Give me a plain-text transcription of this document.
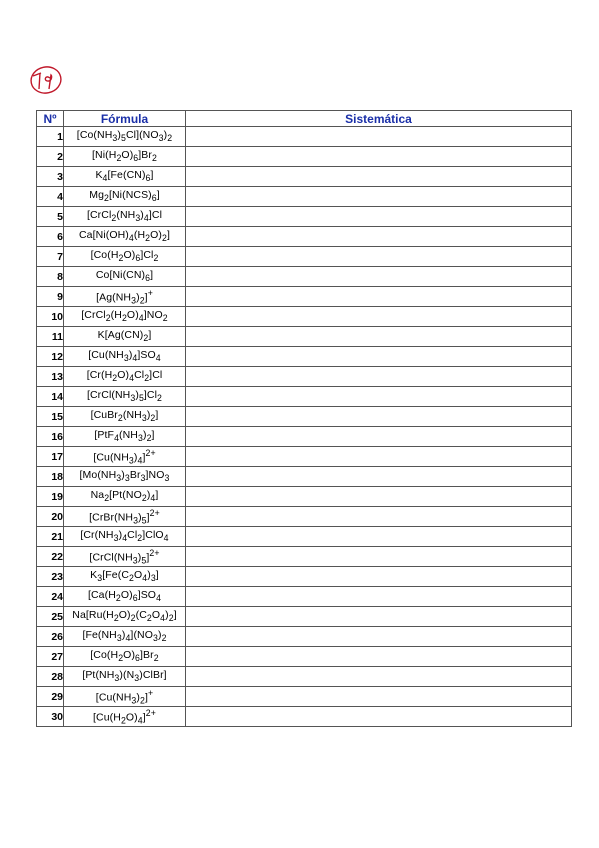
Nº	Fórmula	Sistemática
1	$[Co(NH_3)_5Cl](NO_3)_2$	
2	$[Ni(H_2O)_6]Br_2$	
3	$K_4[Fe(CN)_6]$	
4	$Mg_2[Ni(NCS)_6]$	
5	$[CrCl_2(NH_3)_4]Cl$	
6	$Ca[Ni(OH)_4(H_2O)_2]$	
7	$[Co(H_2O)_6]Cl_2$	
8	$Co[Ni(CN)_6]$	
9	$[Ag(NH_3)_2]^+$	
10	$[CrCl_2(H_2O)_4]NO_2$	
11	$K[Ag(CN)_2]$	
12	$[Cu(NH_3)_4]SO_4$	
13	$[Cr(H_2O)_4Cl_2]Cl$	
14	$[CrCl(NH_3)_5]Cl_2$	
15	$[CuBr_2(NH_3)_2]$	
16	$[PtF_4(NH_3)_2]$	
17	$[Cu(NH_3)_4]^{2+}$	
18	$[Mo(NH_3)_3Br_3]NO_3$	
19	$Na_2[Pt(NO_2)_4]$	
20	$[CrBr(NH_3)_5]^{2+}$	
21	$[Cr(NH_3)_4Cl_2]ClO_4$	
22	$[CrCl(NH_3)_5]^{2+}$	
23	$K_3[Fe(C_2O_4)_3]$	
24	$[Ca(H_2O)_6]SO_4$	
25	$Na[Ru(H_2O)_2(C_2O_4)_2]$	
26	$[Fe(NH_3)_4](NO_3)_2$	
27	$[Co(H_2O)_6]Br_2$	
28	$[Pt(NH_3)(N_3)ClBr]$	
29	$[Cu(NH_3)_2]^+$	
30	$[Cu(H_2O)_4]^{2+}$	
